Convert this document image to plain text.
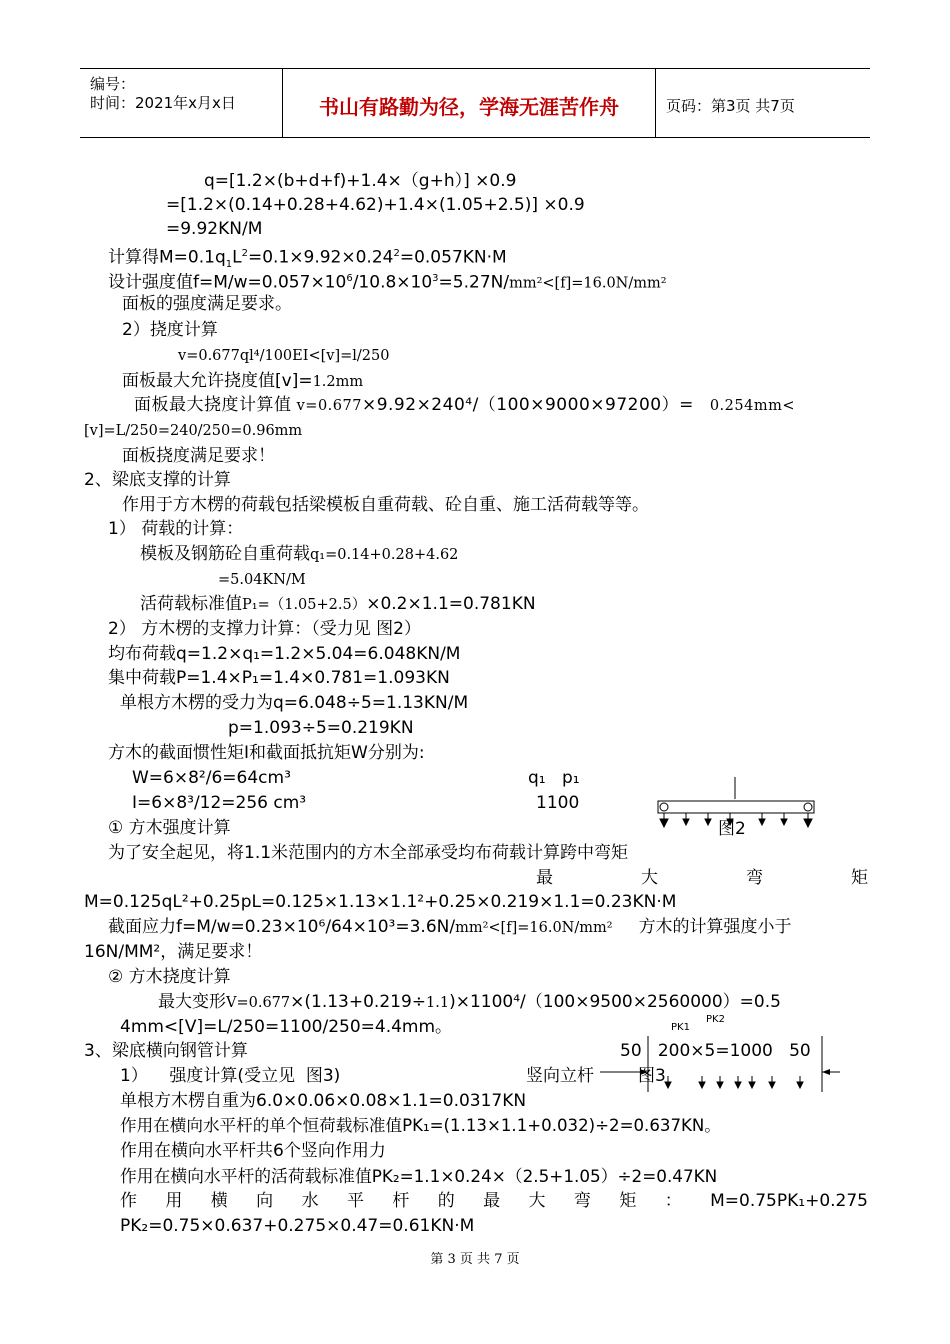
编号：
时间：2021年x月x日	书山有路勤为径，学海无涯苦作舟	页码：第3页 共7页
q=[1.2×(b+d+f)+1.4×（g+h）] ×0.9
=[1.2×(0.14+0.28+4.62)+1.4×(1.05+2.5)] ×0.9
=9.92KN/M
计算得$M=0.1q_1L^2=0.1\times 9.92\times 0.24^2=0.057KN\cdot M$
设计强度值$f=M/w=0.057\times 10^6/10.8\times 10^3=5.27N/mm^2<[f]=16.0N$/mm²
面板的强度满足要求。
2）挠度计算
v=0.677ql⁴/100EI<[v]=l/250
面板最大允许挠度值[v]=1.2mm
面板最大挠度计算值 v=0.677×9.92×240⁴/（100×9000×97200）= 0.254mm<
[v]=L/250=240/250=0.96mm
面板挠度满足要求！
2、梁底支撑的计算
作用于方木楞的荷载包括梁模板自重荷载、砼自重、施工活荷载等等。
1） 荷载的计算：
模板及钢筋砼自重荷载q₁=0.14+0.28+4.62
=5.04KN/M
活荷载标准值P₁=（1.05+2.5）×0.2×1.1=0.781KN
2） 方木楞的支撑力计算：（受力见 图2）
均布荷载q=1.2×q₁=1.2×5.04=6.048KN/M
集中荷载P=1.4×P₁=1.4×0.781=1.093KN
单根方木楞的受力为q=6.048÷5=1.13KN/M
p=1.093÷5=0.219KN
方木的截面惯性矩I和截面抵抗矩W分别为:
W=6×8²/6=64cm³
I=6×8³/12=256 cm³
q₁ p₁
1100
图2
① 方木强度计算
为了安全起见，将1.1米范围内的方木全部承受均布荷载计算跨中弯矩
最 大 弯 矩
M=0.125qL²+0.25pL=0.125×1.13×1.1²+0.25×0.219×1.1=0.23KN·M
截面应力f=M/w=0.23×10⁶/64×10³=3.6N/mm²<[f]=16.0N/mm² 方木的计算强度小于
16N/MM²，满足要求！
② 方木挠度计算
最大变形V=0.677×(1.13+0.219÷1.1)×1100⁴/（100×9500×2560000）=0.5
4mm<[V]=L/250=1100/250=4.4mm。	PK1
PK2
3、梁底横向钢管计算	50   200×5=1000   50
1）    强度计算(受立见  图3)	竖向立杆	图3
单根方木楞自重为6.0×0.06×0.08×1.1=0.0317KN
作用在横向水平杆的单个恒荷载标准值PK₁=(1.13×1.1+0.032)÷2=0.637KN。
作用在横向水平杆共6个竖向作用力
作用在横向水平杆的活荷载标准值PK₂=1.1×0.24×（2.5+1.05）÷2=0.47KN
作  用  横  向  水  平  杆  的  最  大  弯  矩  ：  M=0.75PK₁+0.275
PK₂=0.75×0.637+0.275×0.47=0.61KN·M
第 3 页 共 7 页
